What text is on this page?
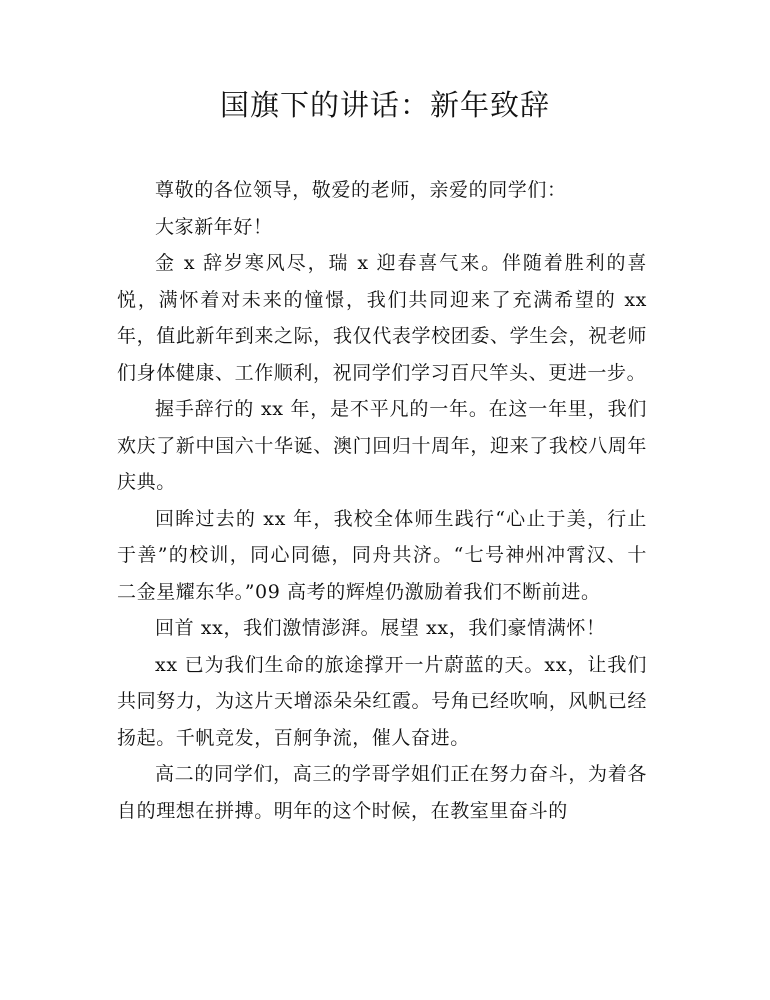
国旗下的讲话：新年致辞

尊敬的各位领导，敬爱的老师，亲爱的同学们：

大家新年好！

金 x 辞岁寒风尽，瑞 x 迎春喜气来。伴随着胜利的喜悦，满怀着对未来的憧憬，我们共同迎来了充满希望的 xx 年，值此新年到来之际，我仅代表学校团委、学生会，祝老师们身体健康、工作顺利，祝同学们学习百尺竿头、更进一步。

握手辞行的 xx 年，是不平凡的一年。在这一年里，我们欢庆了新中国六十华诞、澳门回归十周年，迎来了我校八周年庆典。

回眸过去的 xx 年，我校全体师生践行“心止于美，行止于善”的校训，同心同德，同舟共济。“七号神州冲霄汉、十二金星耀东华。”09 高考的辉煌仍激励着我们不断前进。

回首 xx，我们激情澎湃。展望 xx，我们豪情满怀！

xx 已为我们生命的旅途撑开一片蔚蓝的天。xx，让我们共同努力，为这片天增添朵朵红霞。号角已经吹响，风帆已经扬起。千帆竞发，百舸争流，催人奋进。

高二的同学们，高三的学哥学姐们正在努力奋斗，为着各自的理想在拼搏。明年的这个时候，在教室里奋斗的
